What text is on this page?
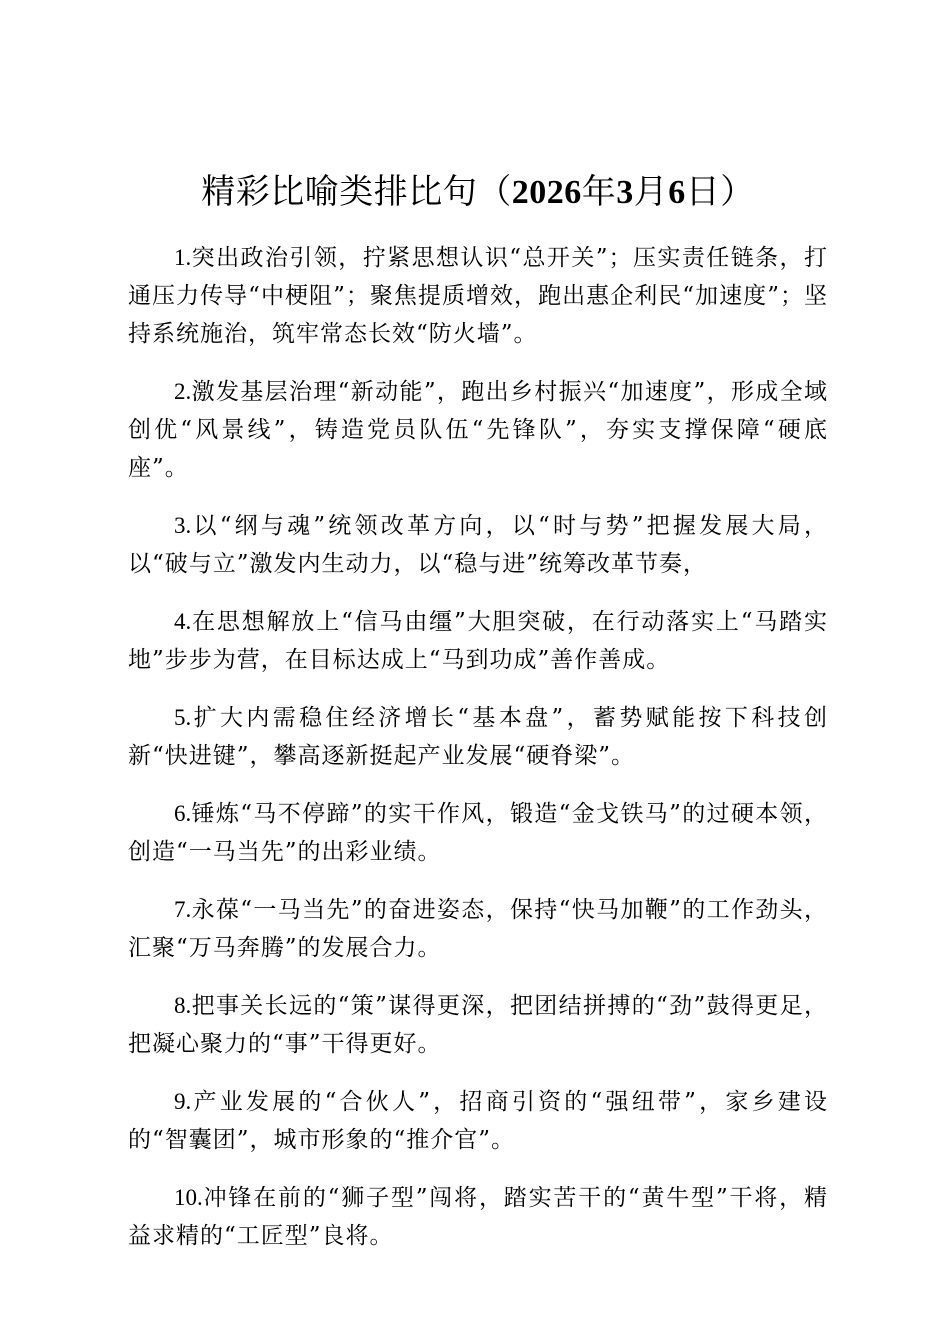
精彩比喻类排比句（2026年3月6日）
1.突出政治引领，拧紧思想认识“总开关”；压实责任链条，打通压力传导“中梗阻”；聚焦提质增效，跑出惠企利民“加速度”；坚持系统施治，筑牢常态长效“防火墙”。
2.激发基层治理“新动能”，跑出乡村振兴“加速度”，形成全域创优“风景线”，铸造党员队伍“先锋队”，夯实支撑保障“硬底座”。
3.以“纲与魂”统领改革方向，以“时与势”把握发展大局，以“破与立”激发内生动力，以“稳与进”统筹改革节奏，
4.在思想解放上“信马由缰”大胆突破，在行动落实上“马踏实地”步步为营，在目标达成上“马到功成”善作善成。
5.扩大内需稳住经济增长“基本盘”，蓄势赋能按下科技创新“快进键”，攀高逐新挺起产业发展“硬脊梁”。
6.锤炼“马不停蹄”的实干作风，锻造“金戈铁马”的过硬本领，创造“一马当先”的出彩业绩。
7.永葆“一马当先”的奋进姿态，保持“快马加鞭”的工作劲头，汇聚“万马奔腾”的发展合力。
8.把事关长远的“策”谋得更深，把团结拼搏的“劲”鼓得更足，把凝心聚力的“事”干得更好。
9.产业发展的“合伙人”，招商引资的“强纽带”，家乡建设的“智囊团”，城市形象的“推介官”。
10.冲锋在前的“狮子型”闯将，踏实苦干的“黄牛型”干将，精益求精的“工匠型”良将。
